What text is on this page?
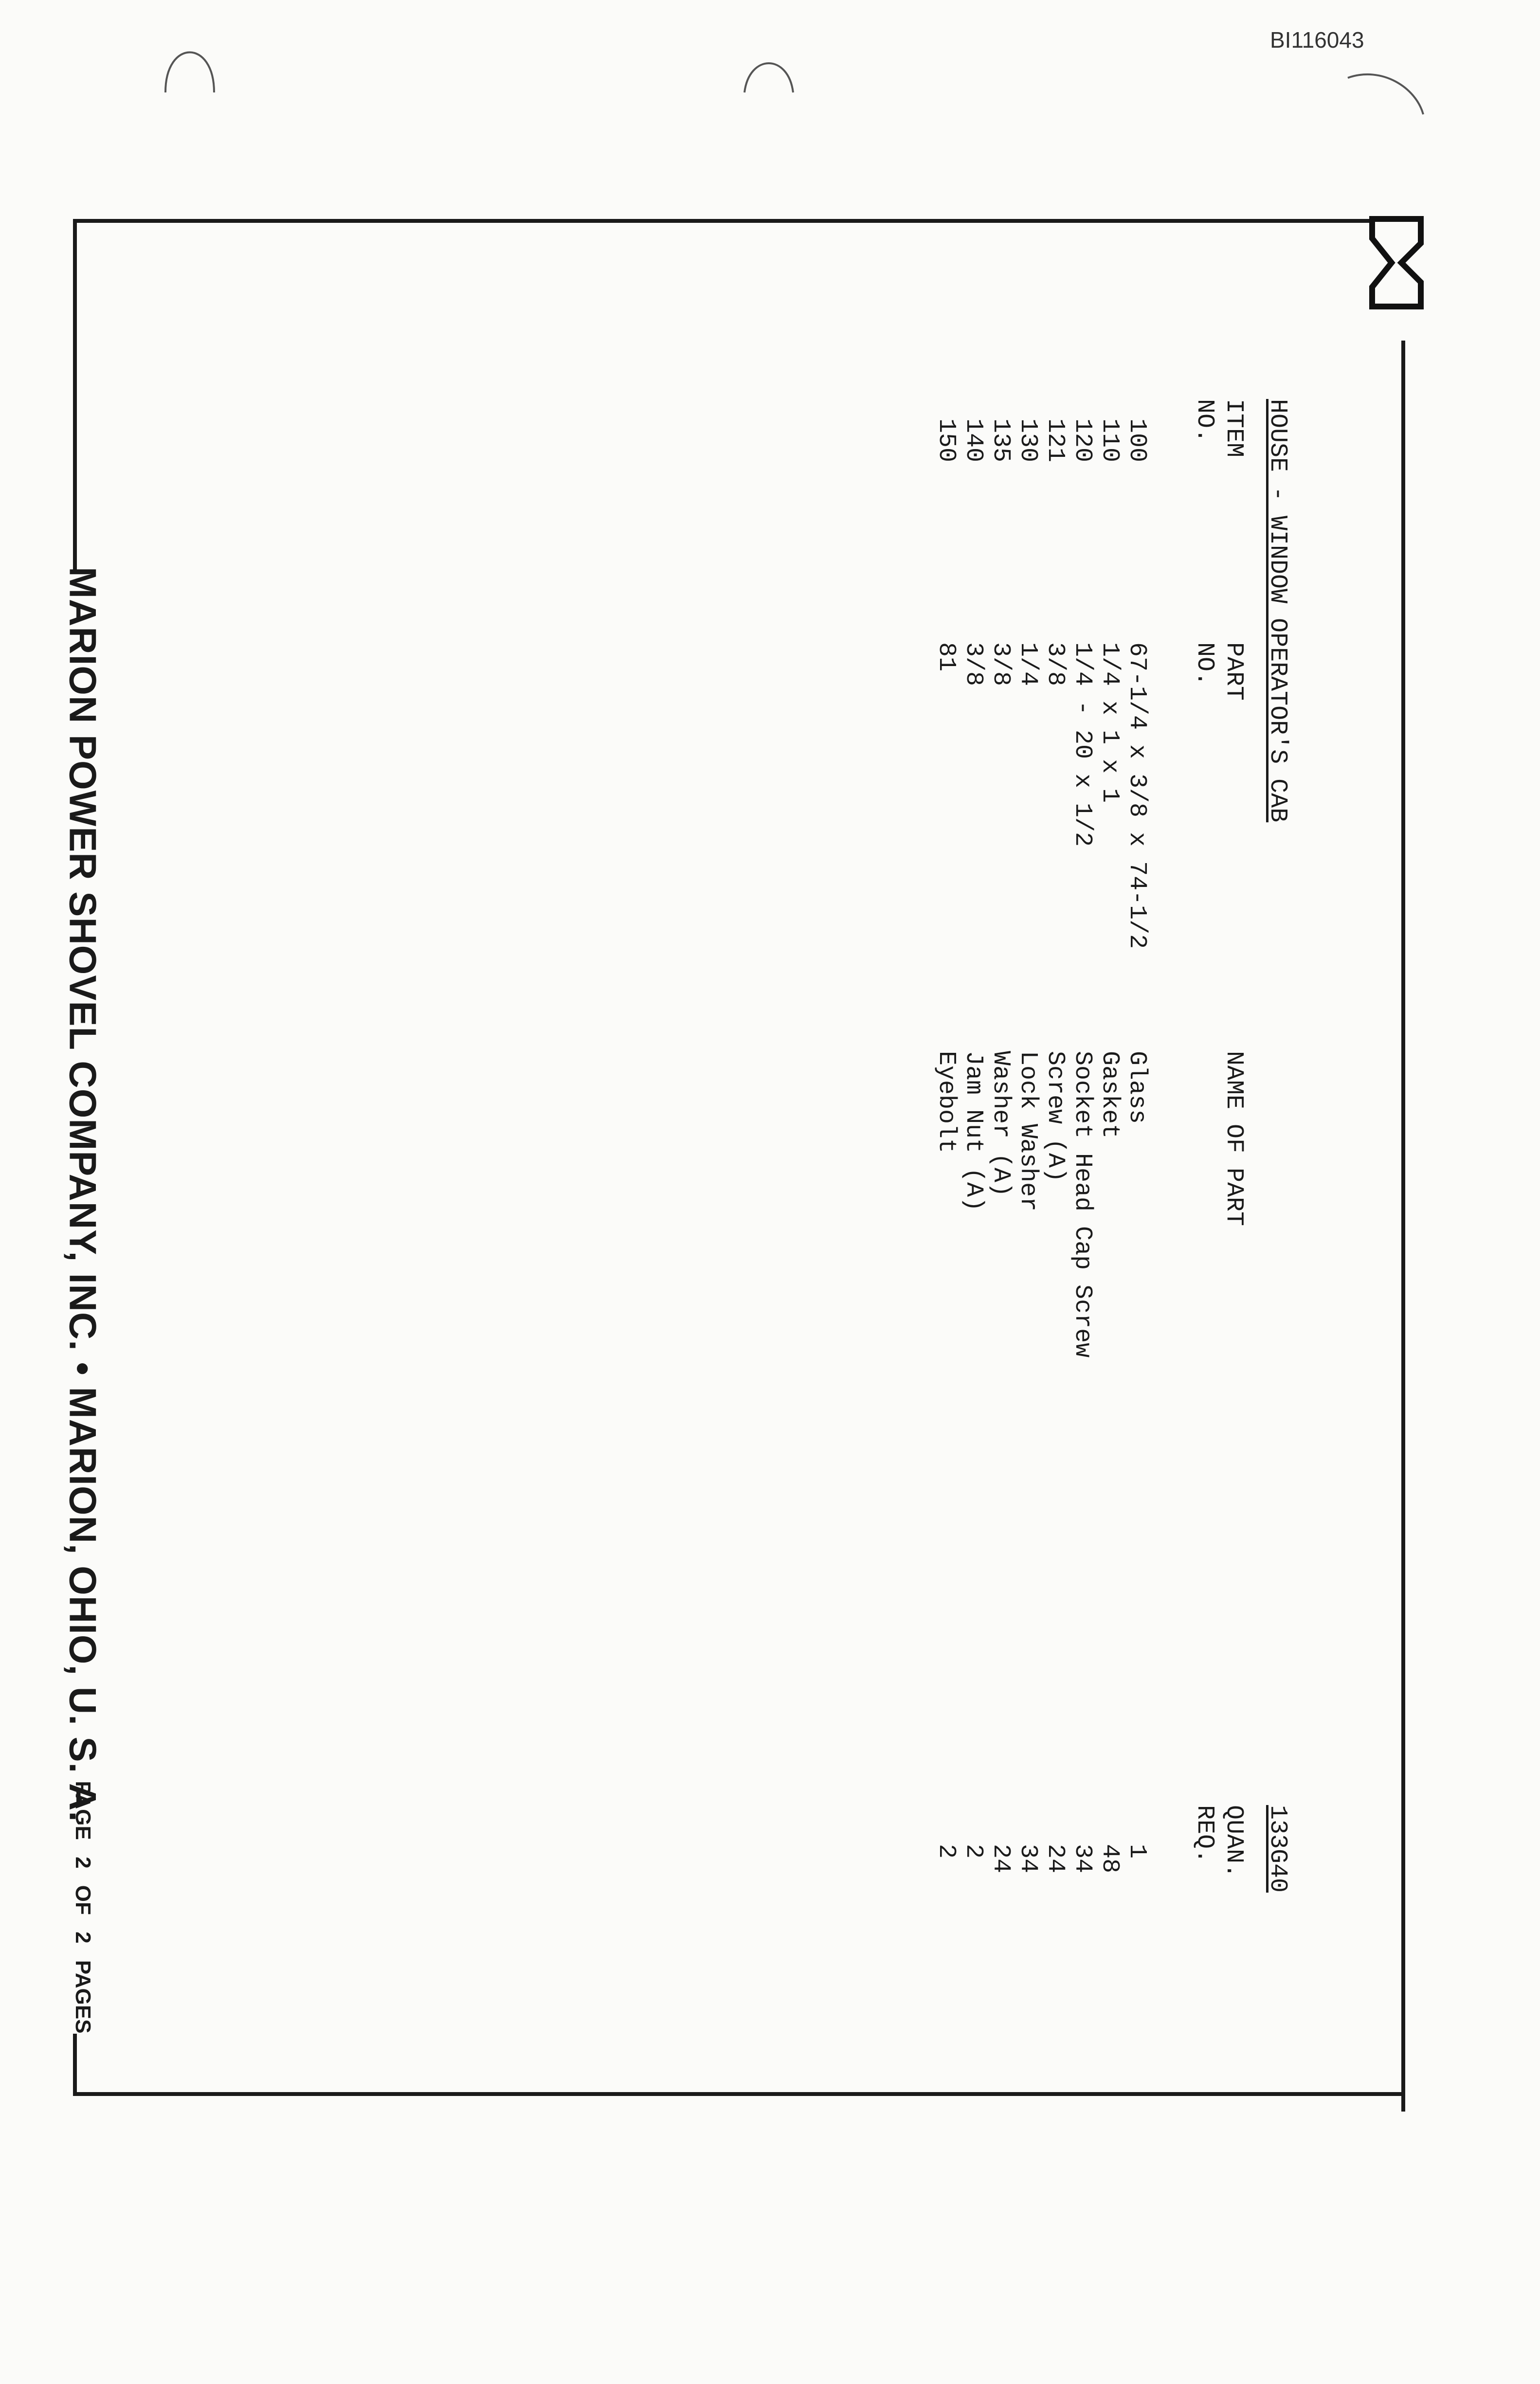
BI116043
M
MARION POWER SHOVEL COMPANY, INC. • MARION, OHIO, U. S. A.
PAGE 2 OF 2 PAGES
HOUSE - WINDOW OPERATOR'S CAB
133G40
ITEM
NO.
PART
NO.
NAME OF PART
QUAN.
REQ.
100
67-1/4 x 3/8 x 74-1/2
Glass
1
110
1/4 x 1 x 1
Gasket
48
120
1/4 - 20 x 1/2
Socket Head Cap Screw
34
121
3/8
Screw (A)
24
130
1/4
Lock Washer
34
135
3/8
Washer (A)
24
140
3/8
Jam Nut (A)
2
150
81
Eyebolt
2
